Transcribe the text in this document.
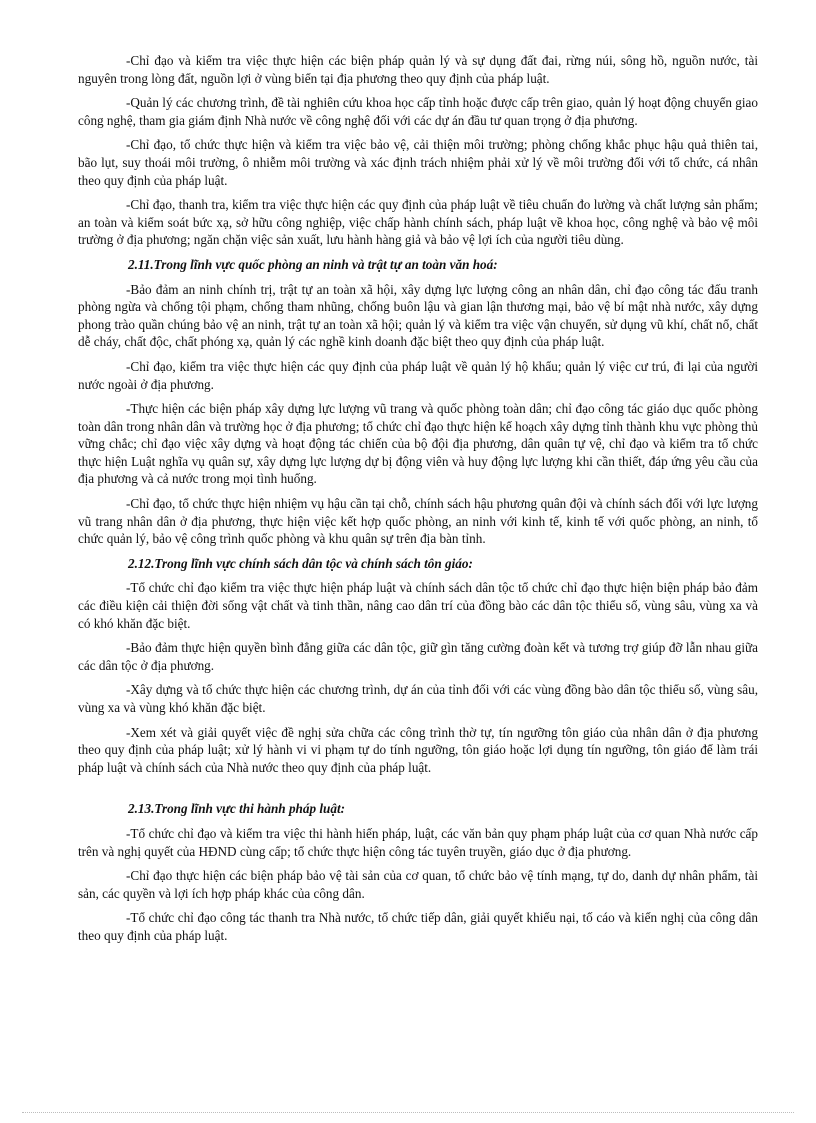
-Chỉ đạo và kiểm tra việc thực hiện các biện pháp quản lý và sự dụng đất đai, rừng núi, sông hồ, nguồn nước, tài nguyên trong lòng đất, nguồn lợi ở vùng biển tại địa phương theo quy định của pháp luật.

-Quản lý các chương trình, đề tài nghiên cứu khoa học cấp tỉnh hoặc được cấp trên giao, quản lý hoạt động chuyển giao công nghệ, tham gia giám định Nhà nước về công nghệ đối với các dự án đầu tư quan trọng ở địa phương.

-Chỉ đạo, tổ chức thực hiện và kiểm tra việc bảo vệ, cải thiện môi trường; phòng chống khắc phục hậu quả thiên tai, bão lụt, suy thoái môi trường, ô nhiễm môi trường và xác định trách nhiệm phải xử lý về môi trường đối với tổ chức, cá nhân theo quy định của pháp luật.

-Chỉ đạo, thanh tra, kiểm tra việc thực hiện các quy định của pháp luật về tiêu chuẩn đo lường và chất lượng sản phẩm; an toàn và kiểm soát bức xạ, sở hữu công nghiệp, việc chấp hành chính sách, pháp luật về khoa học, công nghệ và bảo vệ môi trường ở địa phương; ngăn chặn việc sản xuất, lưu hành hàng giả và bảo vệ lợi ích của người tiêu dùng.

2.11.Trong lĩnh vực quốc phòng an ninh và trật tự an toàn văn hoá:

-Bảo đảm an ninh chính trị, trật tự an toàn xã hội, xây dựng lực lượng công an nhân dân, chỉ đạo công tác đấu tranh phòng ngừa và chống tội phạm, chống tham nhũng, chống buôn lậu và gian lận thương mại, bảo vệ bí mật nhà nước, xây dựng phong trào quần chúng bảo vệ an ninh, trật tự an toàn xã hội; quản lý và kiểm tra việc vận chuyển, sử dụng vũ khí, chất nổ, chất dễ cháy, chất độc, chất phóng xạ, quản lý các nghề kinh doanh đặc biệt theo quy định của pháp luật.

-Chỉ đạo, kiểm tra việc thực hiện các quy định của pháp luật về quản lý hộ khẩu; quản lý việc cư trú, đi lại của người nước ngoài ở địa phương.

-Thực hiện các biện pháp xây dựng lực lượng vũ trang và quốc phòng toàn dân; chỉ đạo công tác giáo dục quốc phòng toàn dân trong nhân dân và trường học ở địa phương; tổ chức chỉ đạo thực hiện kế hoạch xây dựng tỉnh thành khu vực phòng thủ vững chắc; chỉ đạo việc xây dựng và hoạt động tác chiến của bộ đội địa phương, dân quân tự vệ, chỉ đạo và kiểm tra tổ chức thực hiện Luật nghĩa vụ quân sự, xây dựng lực lượng dự bị động viên và huy động lực lượng khi cần thiết, đáp ứng yêu cầu của địa phương và cả nước trong mọi tình huống.

-Chỉ đạo, tổ chức thực hiện nhiệm vụ hậu cần tại chỗ, chính sách hậu phương quân đội và chính sách đối với lực lượng vũ trang nhân dân ở địa phương, thực hiện việc kết hợp quốc phòng, an ninh với kinh tế, kinh tế với quốc phòng, an ninh, tổ chức quản lý, bảo vệ công trình quốc phòng và khu quân sự trên địa bàn tỉnh.

2.12.Trong lĩnh vực chính sách dân tộc và chính sách tôn giáo:

-Tổ chức chỉ đạo kiểm tra việc thực hiện pháp luật và chính sách dân tộc tổ chức chỉ đạo thực hiện biện pháp bảo đảm các điều kiện cải thiện đời sống vật chất và tinh thần, nâng cao dân trí của đồng bào các dân tộc thiểu số, vùng sâu, vùng xa và có khó khăn đặc biệt.

-Bảo đảm thực hiện quyền bình đẳng giữa các dân tộc, giữ gìn tăng cường đoàn kết và tương trợ giúp đỡ lẫn nhau giữa các dân tộc ở địa phương.

-Xây dựng và tổ chức thực hiện các chương trình, dự án của tỉnh đối với các vùng đồng bào dân tộc thiểu số, vùng sâu, vùng xa và vùng khó khăn đặc biệt.

-Xem xét và giải quyết việc đề nghị sửa chữa các công trình thờ tự, tín ngưỡng tôn giáo của nhân dân ở địa phương theo quy định của pháp luật; xử lý hành vi vi phạm tự do tính ngưỡng, tôn giáo hoặc lợi dụng tín ngưỡng, tôn giáo để làm trái pháp luật và chính sách của Nhà nước theo quy định của pháp luật.

2.13.Trong lĩnh vực thi hành pháp luật:

-Tổ chức chỉ đạo và kiểm tra việc thi hành hiến pháp, luật, các văn bản quy phạm pháp luật của cơ quan Nhà nước cấp trên và nghị quyết của HĐND cùng cấp; tổ chức thực hiện công tác tuyên truyền, giáo dục ở địa phương.

-Chỉ đạo thực hiện các biện pháp bảo vệ tài sản của cơ quan, tổ chức bảo vệ tính mạng, tự do, danh dự nhân phẩm, tài sản, các quyền và lợi ích hợp pháp khác của công dân.

-Tổ chức chỉ đạo công tác thanh tra Nhà nước, tổ chức tiếp dân, giải quyết khiếu nại, tố cáo và kiến nghị của công dân theo quy định của pháp luật.
